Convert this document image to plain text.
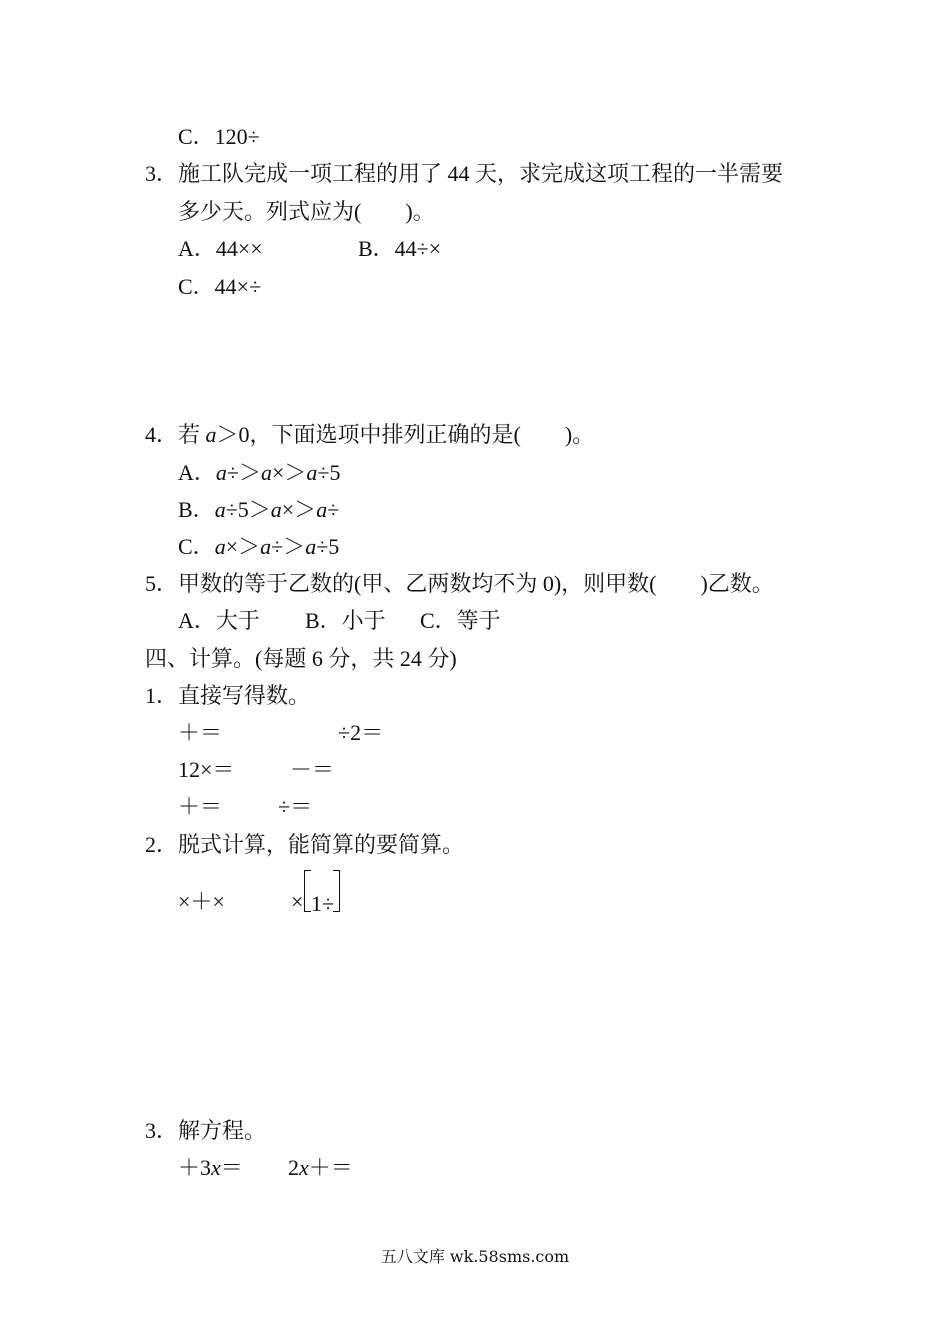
C．120÷
3．施工队完成一项工程的用了 44 天，求完成这项工程的一半需要
多少天。列式应为(　　)。
A．44××	B．44÷×
C．44×÷
4．若 a＞0，下面选项中排列正确的是(　　)。
A．a÷＞a×＞a÷5
B．a÷5＞a×＞a÷
C．a×＞a÷＞a÷5
5．甲数的等于乙数的(甲、乙两数均不为 0)，则甲数(　　)乙数。
A．大于 B．小于 C．等于
四、计算。(每题 6 分，共 24 分)
1．直接写得数。
＋＝	÷2＝
12×＝	－＝
＋＝	÷＝
2．脱式计算，能简算的要简算。
×＋×	× 1÷
3．解方程。
＋3x＝ 2x＋＝
五八文库 wk.58sms.com
